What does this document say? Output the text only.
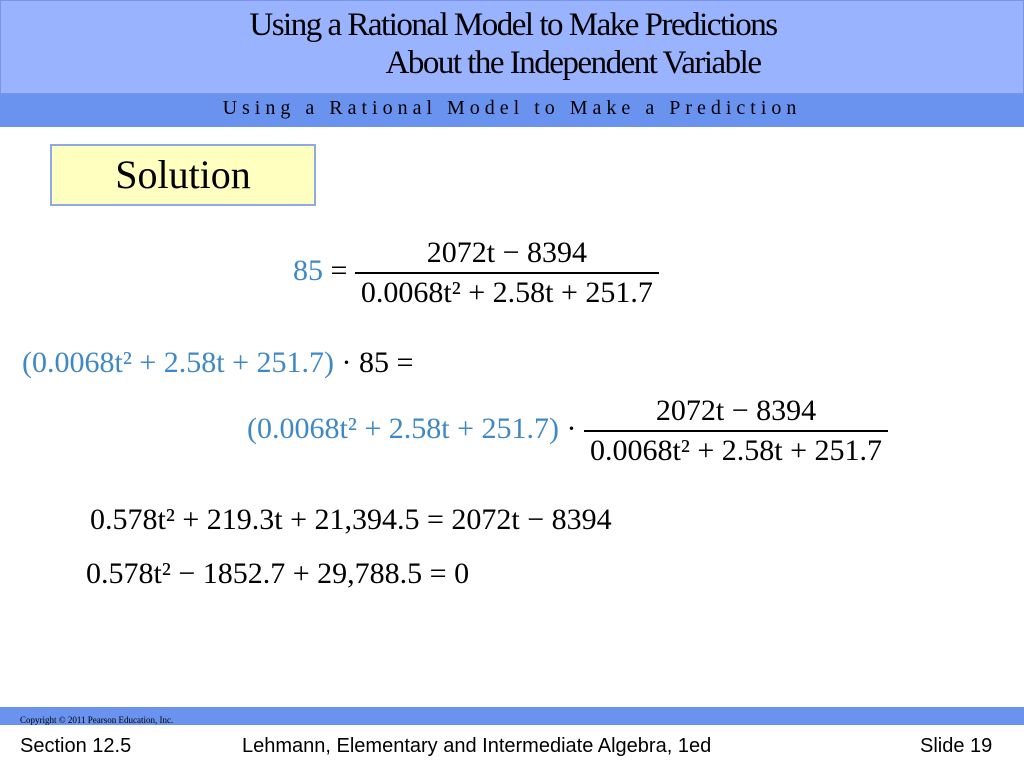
Using a Rational Model to Make Predictions
About the Independent Variable
Using a Rational Model to Make a Prediction
Solution
$85 = \frac{2072t - 8394}{\text{0.0068t² + 2.58t + 251.7}}$
(0.0068t² + 2.58t + 251.7) · 85 =
$(0.0068t^2 + 2.58t + 251.7) \cdot \frac{2072t - 8394}{\text{0.0068t² + 2.58t + 251.7}}$
0.578t² + 219.3t + 21,394.5 = 2072t − 8394
0.578t² − 1852.7 + 29,788.5 = 0
Copyright © 2011 Pearson Education, Inc.
Section 12.5	Lehmann, Elementary and Intermediate Algebra, 1ed	Slide 19
